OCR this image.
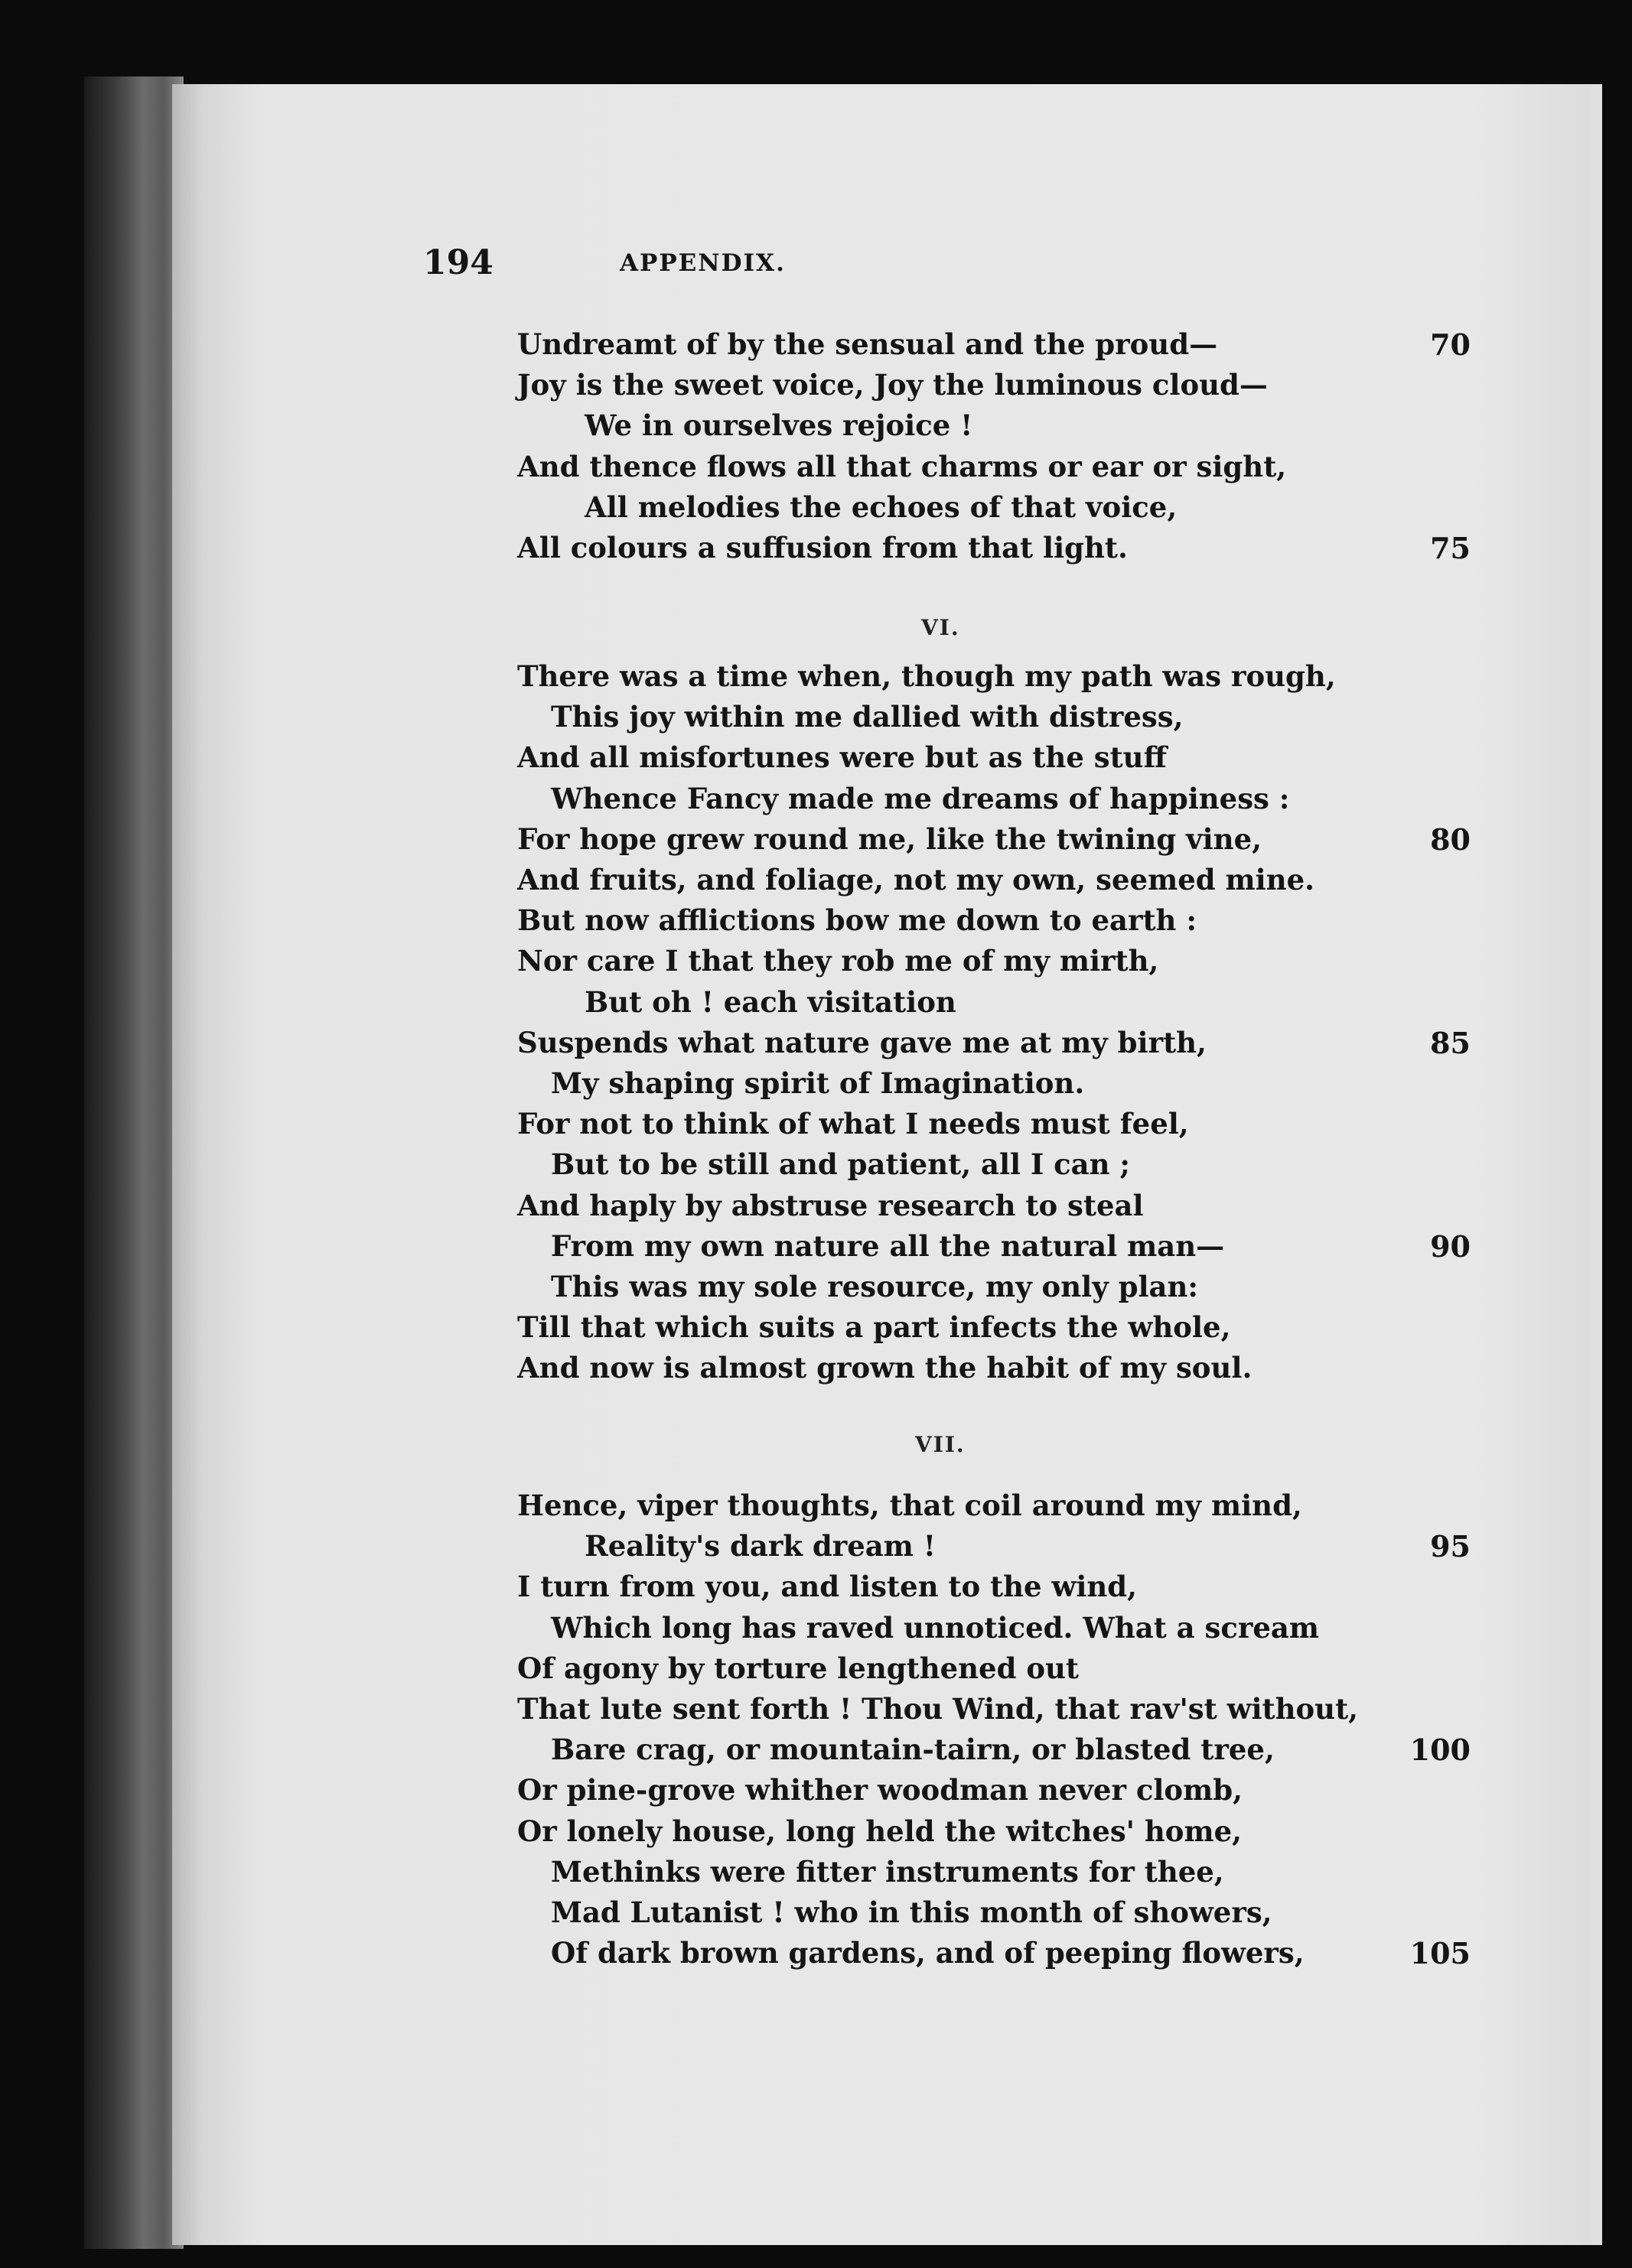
194	APPENDIX.
Undreamt of by the sensual and the proud—	70
Joy is the sweet voice, Joy the luminous cloud—
We in ourselves rejoice !
And thence flows all that charms or ear or sight,
All melodies the echoes of that voice,
All colours a suffusion from that light.	75
VI.
There was a time when, though my path was rough,
This joy within me dallied with distress,
And all misfortunes were but as the stuff
Whence Fancy made me dreams of happiness :
For hope grew round me, like the twining vine,	80
And fruits, and foliage, not my own, seemed mine.
But now afflictions bow me down to earth :
Nor care I that they rob me of my mirth,
But oh ! each visitation
Suspends what nature gave me at my birth,	85
My shaping spirit of Imagination.
For not to think of what I needs must feel,
But to be still and patient, all I can ;
And haply by abstruse research to steal
From my own nature all the natural man—	90
This was my sole resource, my only plan:
Till that which suits a part infects the whole,
And now is almost grown the habit of my soul.
VII.
Hence, viper thoughts, that coil around my mind,
Reality's dark dream !	95
I turn from you, and listen to the wind,
Which long has raved unnoticed. What a scream
Of agony by torture lengthened out
That lute sent forth ! Thou Wind, that rav'st without,
Bare crag, or mountain-tairn, or blasted tree,	100
Or pine-grove whither woodman never clomb,
Or lonely house, long held the witches' home,
Methinks were fitter instruments for thee,
Mad Lutanist ! who in this month of showers,
Of dark brown gardens, and of peeping flowers,	105
